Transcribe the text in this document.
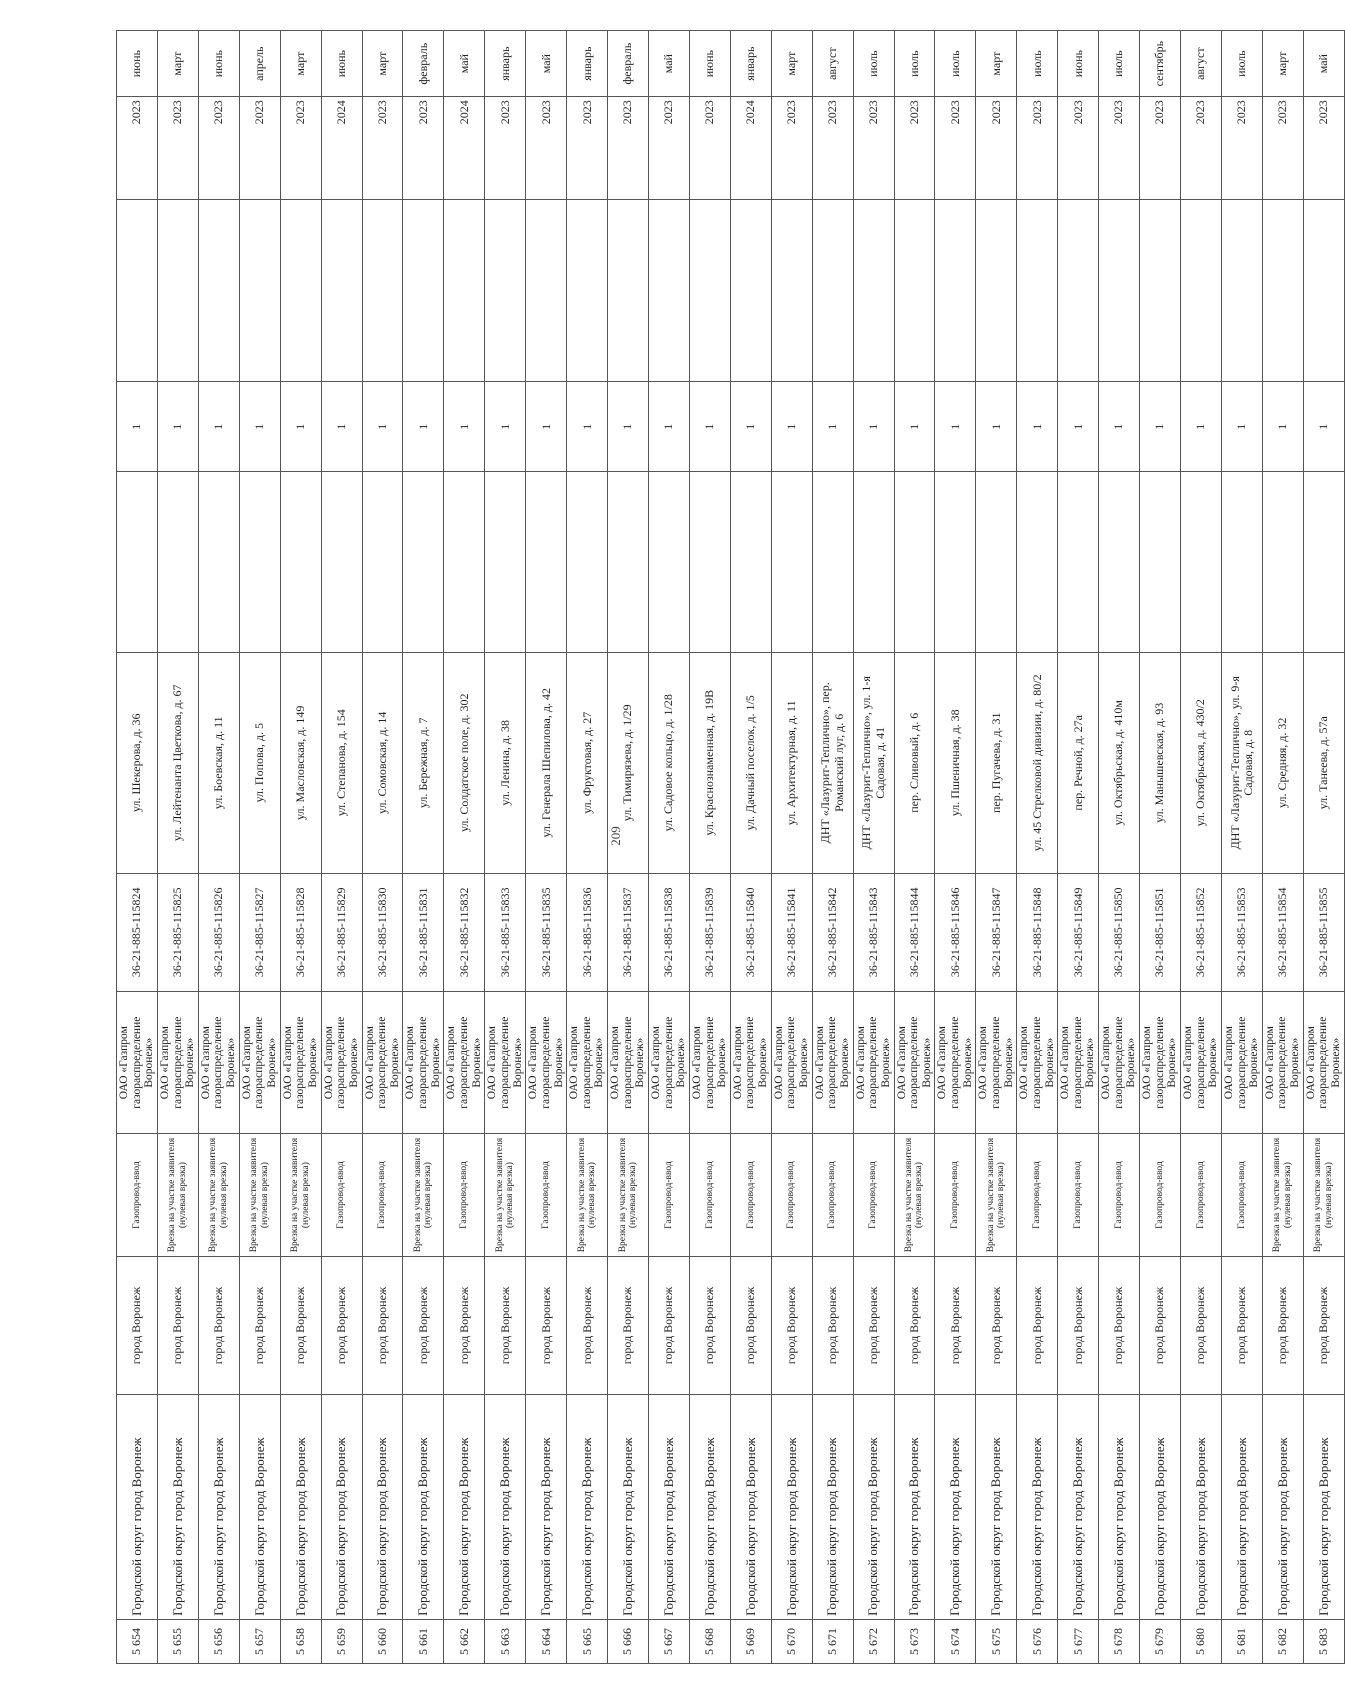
209
5 654	Городской округ город Воронеж	город Воронеж	Газопровод-ввод	ОАО «Газпром газораспределение Воронеж»	36-21-885-115824	ул. Шекерова, д. 36		1		2023	июнь
5 655	Городской округ город Воронеж	город Воронеж	Врезка на участке заявителя (нулевая врезка)	ОАО «Газпром газораспределение Воронеж»	36-21-885-115825	ул. Лейтенанта Цветкова, д. 67		1		2023	март
5 656	Городской округ город Воронеж	город Воронеж	Врезка на участке заявителя (нулевая врезка)	ОАО «Газпром газораспределение Воронеж»	36-21-885-115826	ул. Боевская, д. 11		1		2023	июнь
5 657	Городской округ город Воронеж	город Воронеж	Врезка на участке заявителя (нулевая врезка)	ОАО «Газпром газораспределение Воронеж»	36-21-885-115827	ул. Попова, д. 5		1		2023	апрель
5 658	Городской округ город Воронеж	город Воронеж	Врезка на участке заявителя (нулевая врезка)	ОАО «Газпром газораспределение Воронеж»	36-21-885-115828	ул. Масловская, д. 149		1		2023	март
5 659	Городской округ город Воронеж	город Воронеж	Газопровод-ввод	ОАО «Газпром газораспределение Воронеж»	36-21-885-115829	ул. Степанова, д. 154		1		2024	июнь
5 660	Городской округ город Воронеж	город Воронеж	Газопровод-ввод	ОАО «Газпром газораспределение Воронеж»	36-21-885-115830	ул. Сомовская, д. 14		1		2023	март
5 661	Городской округ город Воронеж	город Воронеж	Врезка на участке заявителя (нулевая врезка)	ОАО «Газпром газораспределение Воронеж»	36-21-885-115831	ул. Бережная, д. 7		1		2023	февраль
5 662	Городской округ город Воронеж	город Воронеж	Газопровод-ввод	ОАО «Газпром газораспределение Воронеж»	36-21-885-115832	ул. Солдатское поле, д. 302		1		2024	май
5 663	Городской округ город Воронеж	город Воронеж	Врезка на участке заявителя (нулевая врезка)	ОАО «Газпром газораспределение Воронеж»	36-21-885-115833	ул. Ленина, д. 38		1		2023	январь
5 664	Городской округ город Воронеж	город Воронеж	Газопровод-ввод	ОАО «Газпром газораспределение Воронеж»	36-21-885-115835	ул. Генерала Шепилова, д. 42		1		2023	май
5 665	Городской округ город Воронеж	город Воронеж	Врезка на участке заявителя (нулевая врезка)	ОАО «Газпром газораспределение Воронеж»	36-21-885-115836	ул. Фруктовая, д. 27		1		2023	январь
5 666	Городской округ город Воронеж	город Воронеж	Врезка на участке заявителя (нулевая врезка)	ОАО «Газпром газораспределение Воронеж»	36-21-885-115837	ул. Тимирязева, д. 1/29		1		2023	февраль
5 667	Городской округ город Воронеж	город Воронеж	Газопровод-ввод	ОАО «Газпром газораспределение Воронеж»	36-21-885-115838	ул. Садовое кольцо, д. 1/28		1		2023	май
5 668	Городской округ город Воронеж	город Воронеж	Газопровод-ввод	ОАО «Газпром газораспределение Воронеж»	36-21-885-115839	ул. Краснознаменная, д. 19В		1		2023	июнь
5 669	Городской округ город Воронеж	город Воронеж	Газопровод-ввод	ОАО «Газпром газораспределение Воронеж»	36-21-885-115840	ул. Дачный поселок, д. 1/5		1		2024	январь
5 670	Городской округ город Воронеж	город Воронеж	Газопровод-ввод	ОАО «Газпром газораспределение Воронеж»	36-21-885-115841	ул. Архитектурная, д. 11		1		2023	март
5 671	Городской округ город Воронеж	город Воронеж	Газопровод-ввод	ОАО «Газпром газораспределение Воронеж»	36-21-885-115842	ДНТ «Лазурит-Теплично», пер. Романский луг, д. 6		1		2023	август
5 672	Городской округ город Воронеж	город Воронеж	Газопровод-ввод	ОАО «Газпром газораспределение Воронеж»	36-21-885-115843	ДНТ «Лазурит-Теплично», ул. 1-я Садовая, д. 41		1		2023	июль
5 673	Городской округ город Воронеж	город Воронеж	Врезка на участке заявителя (нулевая врезка)	ОАО «Газпром газораспределение Воронеж»	36-21-885-115844	пер. Сливовый, д. 6		1		2023	июль
5 674	Городской округ город Воронеж	город Воронеж	Газопровод-ввод	ОАО «Газпром газораспределение Воронеж»	36-21-885-115846	ул. Пшеничная, д. 38		1		2023	июль
5 675	Городской округ город Воронеж	город Воронеж	Врезка на участке заявителя (нулевая врезка)	ОАО «Газпром газораспределение Воронеж»	36-21-885-115847	пер. Пугачева, д. 31		1		2023	март
5 676	Городской округ город Воронеж	город Воронеж	Газопровод-ввод	ОАО «Газпром газораспределение Воронеж»	36-21-885-115848	ул. 45 Стрелковой дивизии, д. 80/2		1		2023	июль
5 677	Городской округ город Воронеж	город Воронеж	Газопровод-ввод	ОАО «Газпром газораспределение Воронеж»	36-21-885-115849	пер. Речной, д. 27а		1		2023	июнь
5 678	Городской округ город Воронеж	город Воронеж	Газопровод-ввод	ОАО «Газпром газораспределение Воронеж»	36-21-885-115850	ул. Октябрьская, д. 410м		1		2023	июль
5 679	Городской округ город Воронеж	город Воронеж	Газопровод-ввод	ОАО «Газпром газораспределение Воронеж»	36-21-885-115851	ул. Манышевская, д. 93		1		2023	сентябрь
5 680	Городской округ город Воронеж	город Воронеж	Газопровод-ввод	ОАО «Газпром газораспределение Воронеж»	36-21-885-115852	ул. Октябрьская, д. 430/2		1		2023	август
5 681	Городской округ город Воронеж	город Воронеж	Газопровод-ввод	ОАО «Газпром газораспределение Воронеж»	36-21-885-115853	ДНТ «Лазурит-Теплично», ул. 9-я Садовая, д. 8		1		2023	июль
5 682	Городской округ город Воронеж	город Воронеж	Врезка на участке заявителя (нулевая врезка)	ОАО «Газпром газораспределение Воронеж»	36-21-885-115854	ул. Средняя, д. 32		1		2023	март
5 683	Городской округ город Воронеж	город Воронеж	Врезка на участке заявителя (нулевая врезка)	ОАО «Газпром газораспределение Воронеж»	36-21-885-115855	ул. Танеева, д. 57а		1		2023	май
